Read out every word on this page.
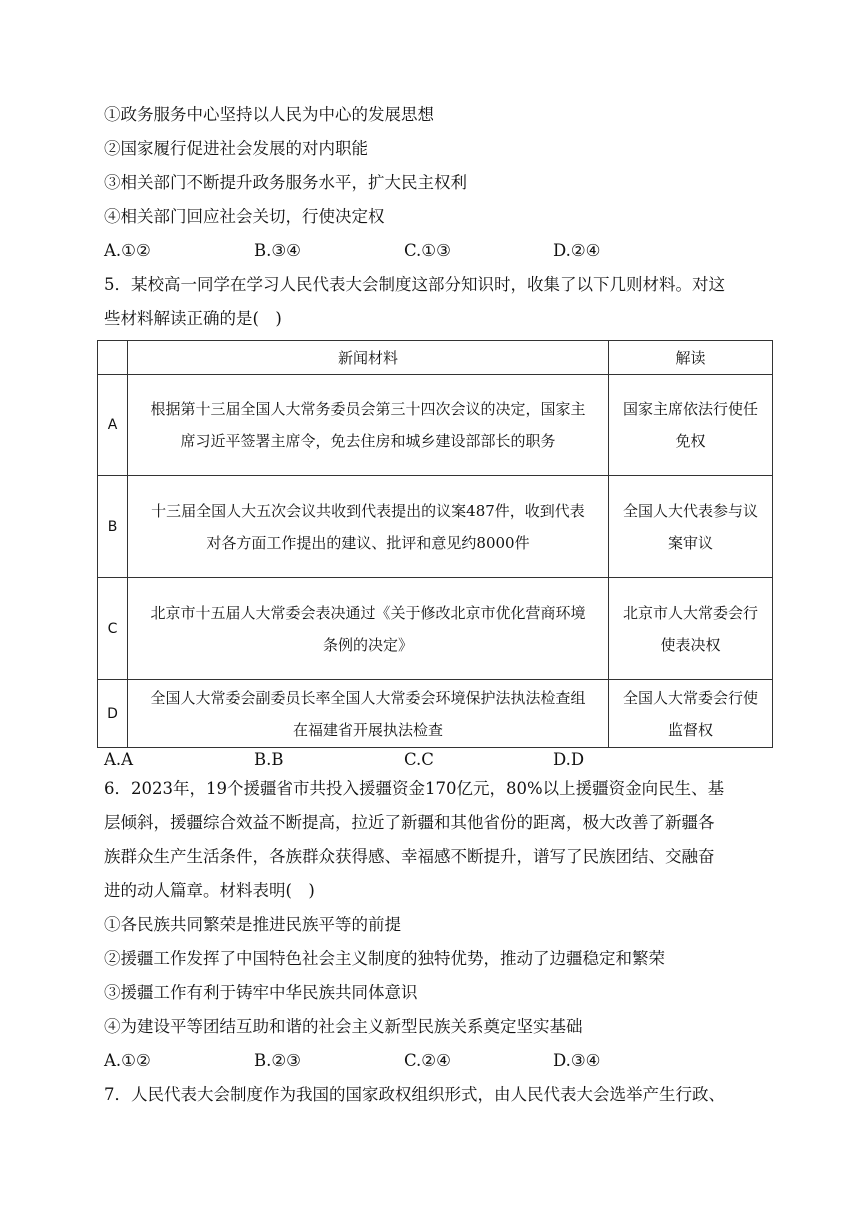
①政务服务中心坚持以人民为中心的发展思想
②国家履行促进社会发展的对内职能
③相关部门不断提升政务服务水平，扩大民主权利
④相关部门回应社会关切，行使决定权
A.①②	B.③④	C.①③	D.②④
5．某校高一同学在学习人民代表大会制度这部分知识时，收集了以下几则材料。对这
些材料解读正确的是(　)
	新闻材料	解读
A	根据第十三届全国人大常务委员会第三十四次会议的决定，国家主席习近平签署主席令，免去住房和城乡建设部部长的职务	国家主席依法行使任免权
B	十三届全国人大五次会议共收到代表提出的议案487件，收到代表对各方面工作提出的建议、批评和意见约8000件	全国人大代表参与议案审议
C	北京市十五届人大常委会表决通过《关于修改北京市优化营商环境条例的决定》	北京市人大常委会行使表决权
D	全国人大常委会副委员长率全国人大常委会环境保护法执法检查组在福建省开展执法检查	全国人大常委会行使监督权
A.A	B.B	C.C	D.D
6．2023年，19个援疆省市共投入援疆资金170亿元，80%以上援疆资金向民生、基
层倾斜，援疆综合效益不断提高，拉近了新疆和其他省份的距离，极大改善了新疆各
族群众生产生活条件，各族群众获得感、幸福感不断提升，谱写了民族团结、交融奋
进的动人篇章。材料表明(　)
①各民族共同繁荣是推进民族平等的前提
②援疆工作发挥了中国特色社会主义制度的独特优势，推动了边疆稳定和繁荣
③援疆工作有利于铸牢中华民族共同体意识
④为建设平等团结互助和谐的社会主义新型民族关系奠定坚实基础
A.①②	B.②③	C.②④	D.③④
7．人民代表大会制度作为我国的国家政权组织形式，由人民代表大会选举产生行政、
